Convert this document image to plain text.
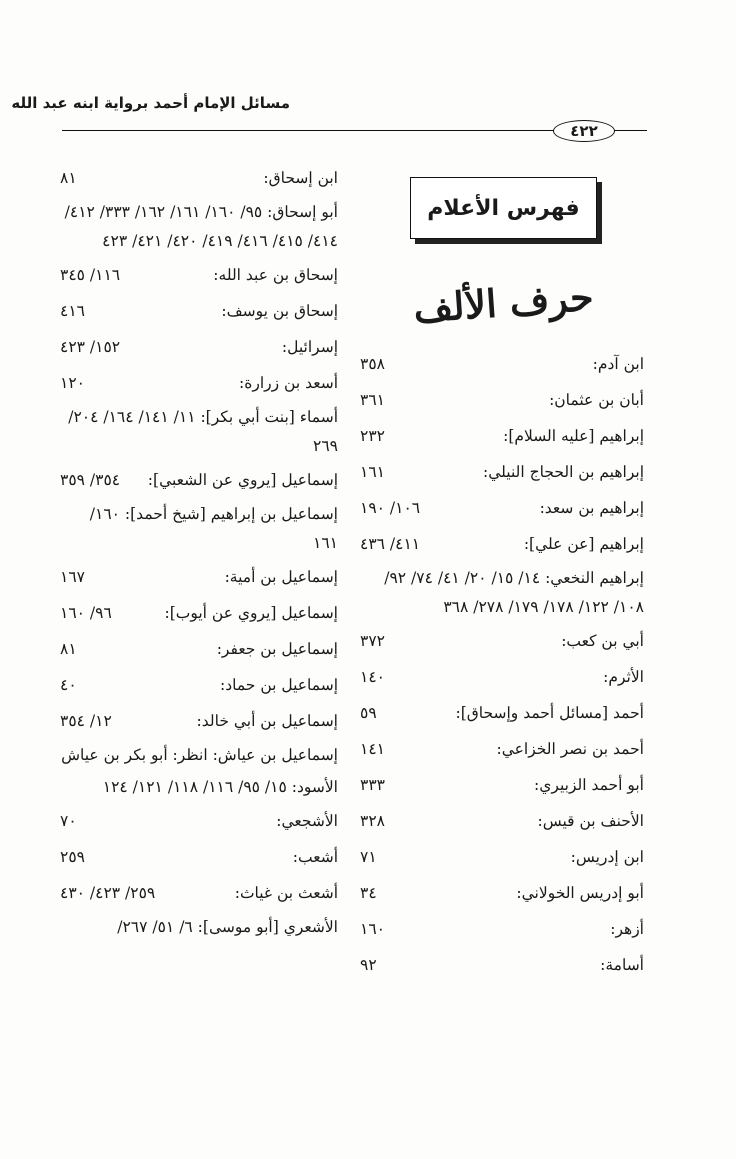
مسائل الإمام أحمد برواية ابنه عبد الله
٤٢٢
فهرس الأعلام
حرف الألف
ابن آدم:
٣٥٨
أبان بن عثمان:
٣٦١
إبراهيم [عليه السلام]:
٢٣٢
إبراهيم بن الحجاج النيلي:
١٦١
إبراهيم بن سعد:
١٠٦/ ١٩٠
إبراهيم [عن علي]:
٤١١/ ٤٣٦
إبراهيم النخعي: ١٤/ ١٥/ ٢٠/ ٤١/ ٧٤/ ٩٢/ ١٠٨/ ١٢٢/ ١٧٨/ ١٧٩/ ٢٧٨/ ٣٦٨
أبي بن كعب:
٣٧٢
الأثرم:
١٤٠
أحمد [مسائل أحمد وإسحاق]:
٥٩
أحمد بن نصر الخزاعي:
١٤١
أبو أحمد الزبيري:
٣٣٣
الأحنف بن قيس:
٣٢٨
ابن إدريس:
٧١
أبو إدريس الخولاني:
٣٤
أزهر:
١٦٠
أسامة:
٩٢
ابن إسحاق:
٨١
أبو إسحاق: ٩٥/ ١٦٠/ ١٦١/ ١٦٢/ ٣٣٣/ ٤١٢/ ٤١٤/ ٤١٥/ ٤١٦/ ٤١٩/ ٤٢٠/ ٤٢١/ ٤٢٣
إسحاق بن عبد الله:
١١٦/ ٣٤٥
إسحاق بن يوسف:
٤١٦
إسرائيل:
١٥٢/ ٤٢٣
أسعد بن زرارة:
١٢٠
أسماء [بنت أبي بكر]: ١١/ ١٤١/ ١٦٤/ ٢٠٤/ ٢٦٩
إسماعيل [يروي عن الشعبي]:
٣٥٤/ ٣٥٩
إسماعيل بن إبراهيم [شيخ أحمد]: ١٦٠/ ١٦١
إسماعيل بن أمية:
١٦٧
إسماعيل [يروي عن أيوب]:
٩٦/ ١٦٠
إسماعيل بن جعفر:
٨١
إسماعيل بن حماد:
٤٠
إسماعيل بن أبي خالد:
١٢/ ٣٥٤
إسماعيل بن عياش: انظر: أبو بكر بن عياش
الأسود: ١٥/ ٩٥/ ١١٦/ ١١٨/ ١٢١/ ١٢٤
الأشجعي:
٧٠
أشعب:
٢٥٩
أشعث بن غياث:
٢٥٩/ ٤٢٣/ ٤٣٠
الأشعري [أبو موسى]: ٦/ ٥١/ ٢٦٧/
